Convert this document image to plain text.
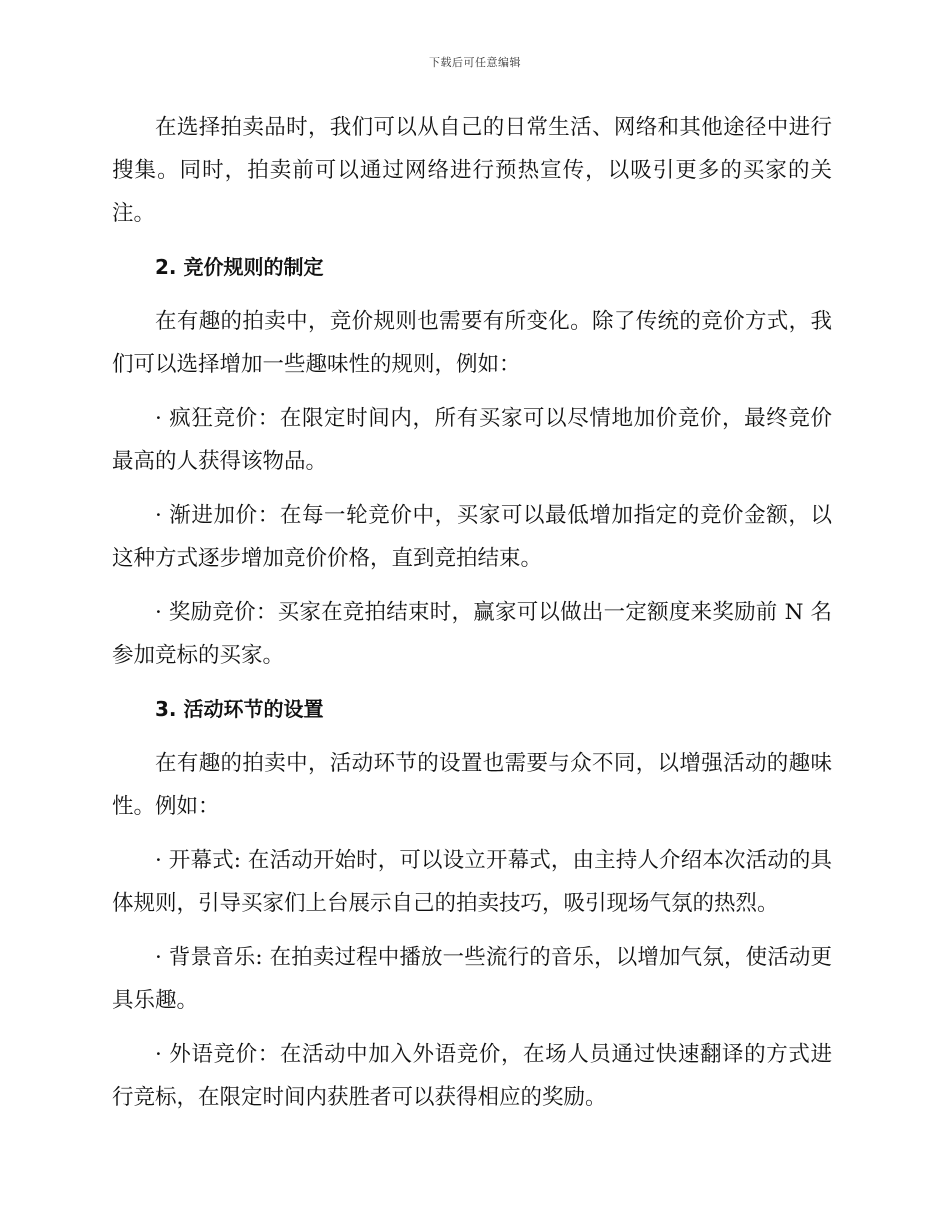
下载后可任意编辑

在选择拍卖品时，我们可以从自己的日常生活、网络和其他途径中进行搜集。同时，拍卖前可以通过网络进行预热宣传，以吸引更多的买家的关注。

2. 竞价规则的制定

在有趣的拍卖中，竞价规则也需要有所变化。除了传统的竞价方式，我们可以选择增加一些趣味性的规则，例如：

· 疯狂竞价：在限定时间内，所有买家可以尽情地加价竞价，最终竞价最高的人获得该物品。

· 渐进加价：在每一轮竞价中，买家可以最低增加指定的竞价金额，以这种方式逐步增加竞价价格，直到竞拍结束。

· 奖励竞价：买家在竞拍结束时，赢家可以做出一定额度来奖励前 N 名参加竞标的买家。

3. 活动环节的设置

在有趣的拍卖中，活动环节的设置也需要与众不同，以增强活动的趣味性。例如：

· 开幕式: 在活动开始时，可以设立开幕式，由主持人介绍本次活动的具体规则，引导买家们上台展示自己的拍卖技巧，吸引现场气氛的热烈。

· 背景音乐: 在拍卖过程中播放一些流行的音乐，以增加气氛，使活动更具乐趣。

· 外语竞价：在活动中加入外语竞价，在场人员通过快速翻译的方式进行竞标，在限定时间内获胜者可以获得相应的奖励。
